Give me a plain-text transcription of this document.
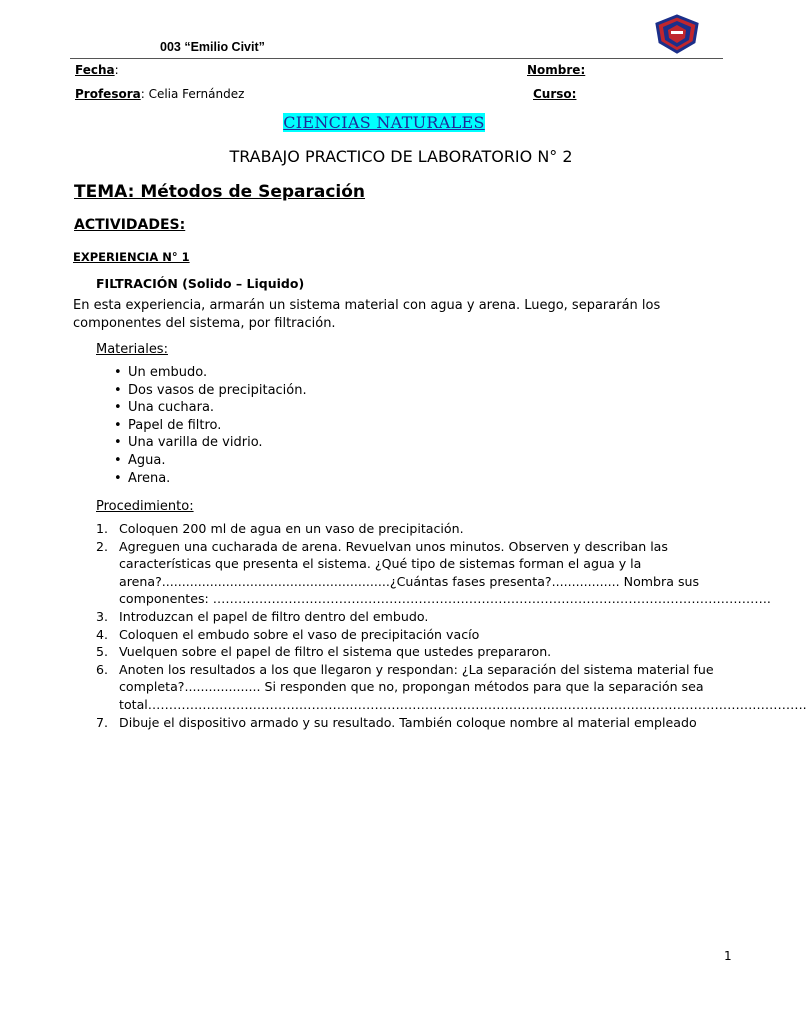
003 “Emilio Civit”
Fecha:	Nombre:
Profesora: Celia Fernández	Curso:
CIENCIAS NATURALES
TRABAJO PRACTICO DE LABORATORIO N° 2
TEMA: Métodos de Separación
ACTIVIDADES:
EXPERIENCIA N° 1
FILTRACIÓN (Solido – Liquido)
En esta experiencia, armarán un sistema material con agua y arena. Luego, separarán los componentes del sistema, por filtración.
Materiales:
• Un embudo.
• Dos vasos de precipitación.
• Una cuchara.
• Papel de filtro.
• Una varilla de vidrio.
• Agua.
• Arena.
Procedimiento:
1. Coloquen 200 ml de agua en un vaso de precipitación.
2. Agreguen una cucharada de arena. Revuelvan unos minutos. Observen y describan las
características que presenta el sistema. ¿Qué tipo de sistemas forman el agua y la
arena?.........................................................¿Cuántas fases presenta?................. Nombra sus
componentes: …………………………………………………………………………………………………………………….
3. Introduzcan el papel de filtro dentro del embudo.
4. Coloquen el embudo sobre el vaso de precipitación vacío
5. Vuelquen sobre el papel de filtro el sistema que ustedes prepararon.
6. Anoten los resultados a los que llegaron y respondan: ¿La separación del sistema material fue
completa?................... Si responden que no, propongan métodos para que la separación sea
total………………………………………………………………………………………………………………………………………….
7. Dibuje el dispositivo armado y su resultado. También coloque nombre al material empleado
1
